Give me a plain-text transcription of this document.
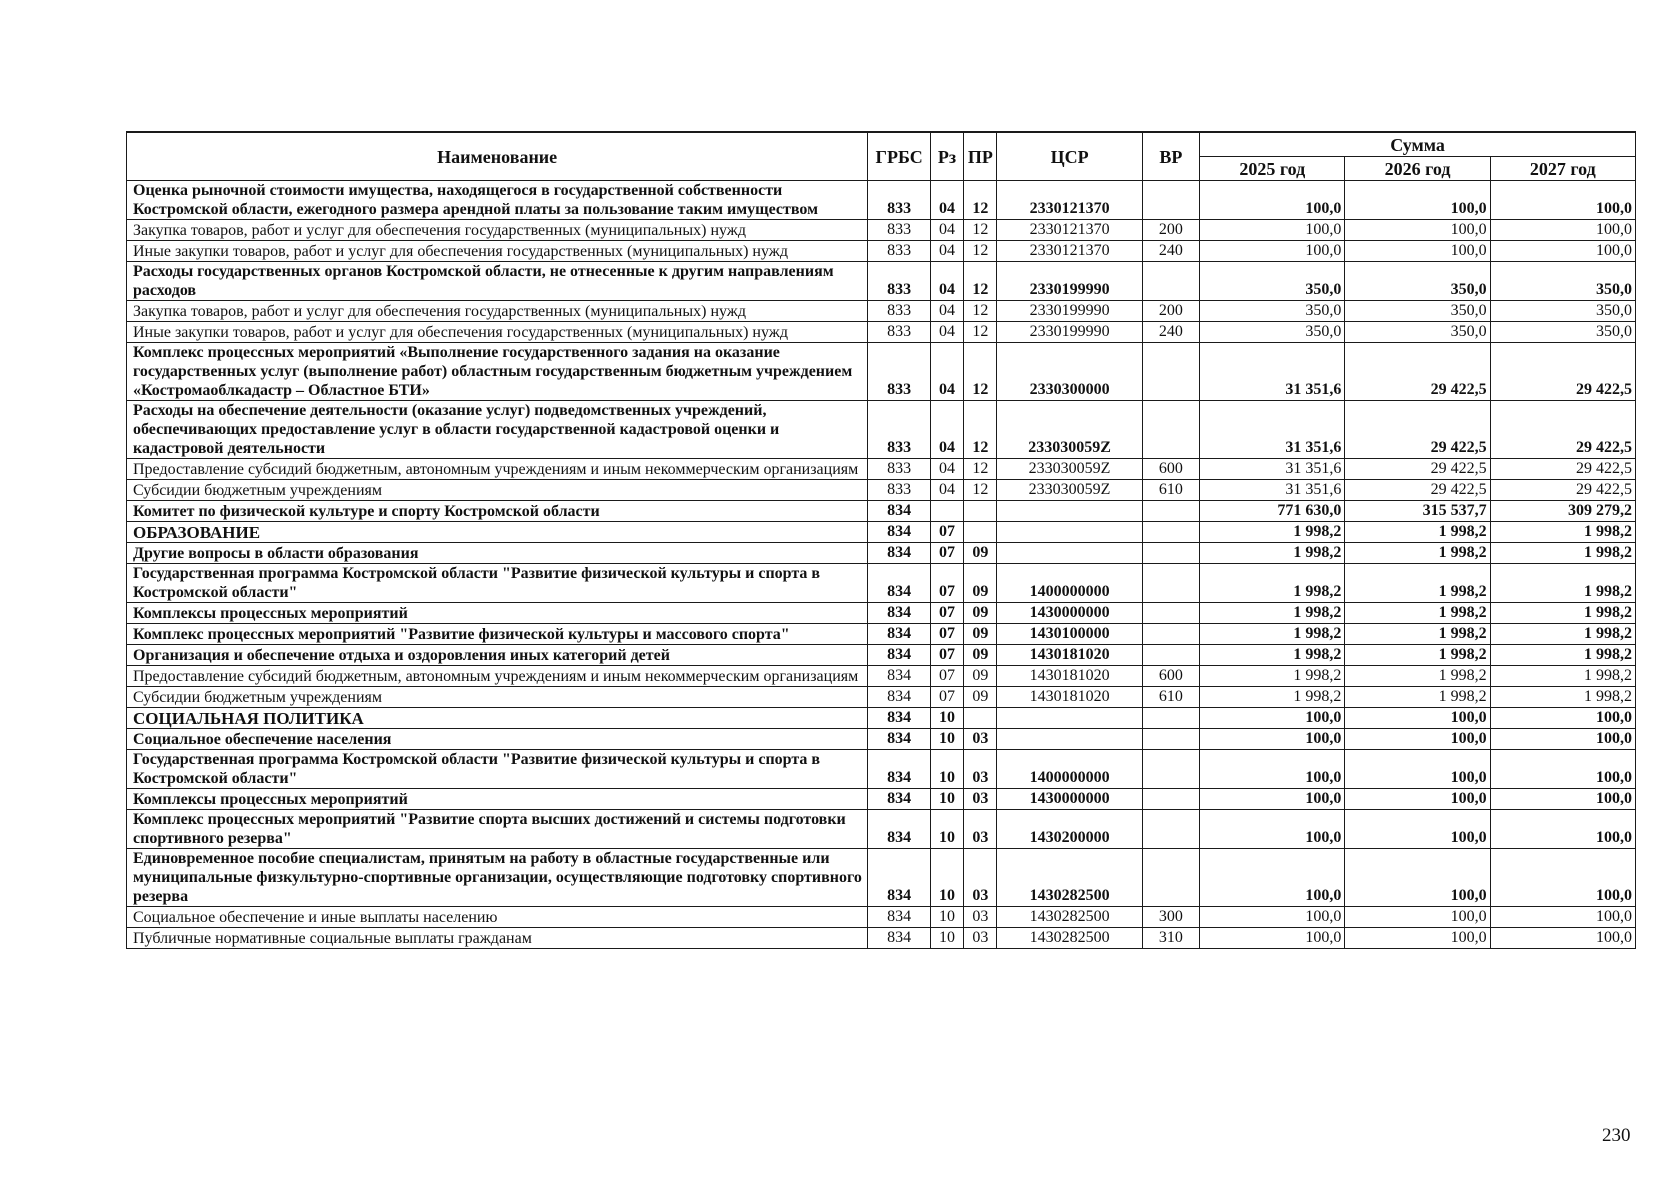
Наименование	ГРБС	Рз	ПР	ЦСР	ВР	Сумма		
						2025 год	2026 год	2027 год
Оценка рыночной стоимости имущества, находящегося в государственной собственности Костромской области, ежегодного размера арендной платы за пользование таким имуществом	833	04	12	2330121370		100,0	100,0	100,0
Закупка товаров, работ и услуг для обеспечения государственных (муниципальных) нужд	833	04	12	2330121370	200	100,0	100,0	100,0
Иные закупки товаров, работ и услуг для обеспечения государственных (муниципальных) нужд	833	04	12	2330121370	240	100,0	100,0	100,0
Расходы государственных органов Костромской области, не отнесенные к другим направлениям расходов	833	04	12	2330199990		350,0	350,0	350,0
Закупка товаров, работ и услуг для обеспечения государственных (муниципальных) нужд	833	04	12	2330199990	200	350,0	350,0	350,0
Иные закупки товаров, работ и услуг для обеспечения государственных (муниципальных) нужд	833	04	12	2330199990	240	350,0	350,0	350,0
Комплекс процессных мероприятий «Выполнение государственного задания на оказание государственных услуг (выполнение работ) областным государственным бюджетным учреждением «Костромаоблкадастр – Областное БТИ»	833	04	12	2330300000		31 351,6	29 422,5	29 422,5
Расходы на обеспечение деятельности (оказание услуг) подведомственных учреждений, обеспечивающих предоставление услуг в области государственной кадастровой оценки и кадастровой деятельности	833	04	12	233030059Z		31 351,6	29 422,5	29 422,5
Предоставление субсидий бюджетным, автономным учреждениям и иным некоммерческим организациям	833	04	12	233030059Z	600	31 351,6	29 422,5	29 422,5
Субсидии бюджетным учреждениям	833	04	12	233030059Z	610	31 351,6	29 422,5	29 422,5
Комитет по физической культуре и спорту Костромской области	834					771 630,0	315 537,7	309 279,2
ОБРАЗОВАНИЕ	834	07				1 998,2	1 998,2	1 998,2
Другие вопросы в области образования	834	07	09			1 998,2	1 998,2	1 998,2
Государственная программа Костромской области "Развитие физической культуры и спорта в Костромской области"	834	07	09	1400000000		1 998,2	1 998,2	1 998,2
Комплексы процессных мероприятий	834	07	09	1430000000		1 998,2	1 998,2	1 998,2
Комплекс процессных мероприятий "Развитие физической культуры и массового спорта"	834	07	09	1430100000		1 998,2	1 998,2	1 998,2
Организация и обеспечение отдыха и оздоровления иных категорий детей	834	07	09	1430181020		1 998,2	1 998,2	1 998,2
Предоставление субсидий бюджетным, автономным учреждениям и иным некоммерческим организациям	834	07	09	1430181020	600	1 998,2	1 998,2	1 998,2
Субсидии бюджетным учреждениям	834	07	09	1430181020	610	1 998,2	1 998,2	1 998,2
СОЦИАЛЬНАЯ ПОЛИТИКА	834	10				100,0	100,0	100,0
Социальное обеспечение населения	834	10	03			100,0	100,0	100,0
Государственная программа Костромской области "Развитие физической культуры и спорта в Костромской области"	834	10	03	1400000000		100,0	100,0	100,0
Комплексы процессных мероприятий	834	10	03	1430000000		100,0	100,0	100,0
Комплекс процессных мероприятий "Развитие спорта высших достижений и системы подготовки спортивного резерва"	834	10	03	1430200000		100,0	100,0	100,0
Единовременное пособие специалистам, принятым на работу в областные государственные или муниципальные физкультурно-спортивные организации, осуществляющие подготовку спортивного резерва	834	10	03	1430282500		100,0	100,0	100,0
Социальное обеспечение и иные выплаты населению	834	10	03	1430282500	300	100,0	100,0	100,0
Публичные нормативные социальные выплаты гражданам	834	10	03	1430282500	310	100,0	100,0	100,0
230
